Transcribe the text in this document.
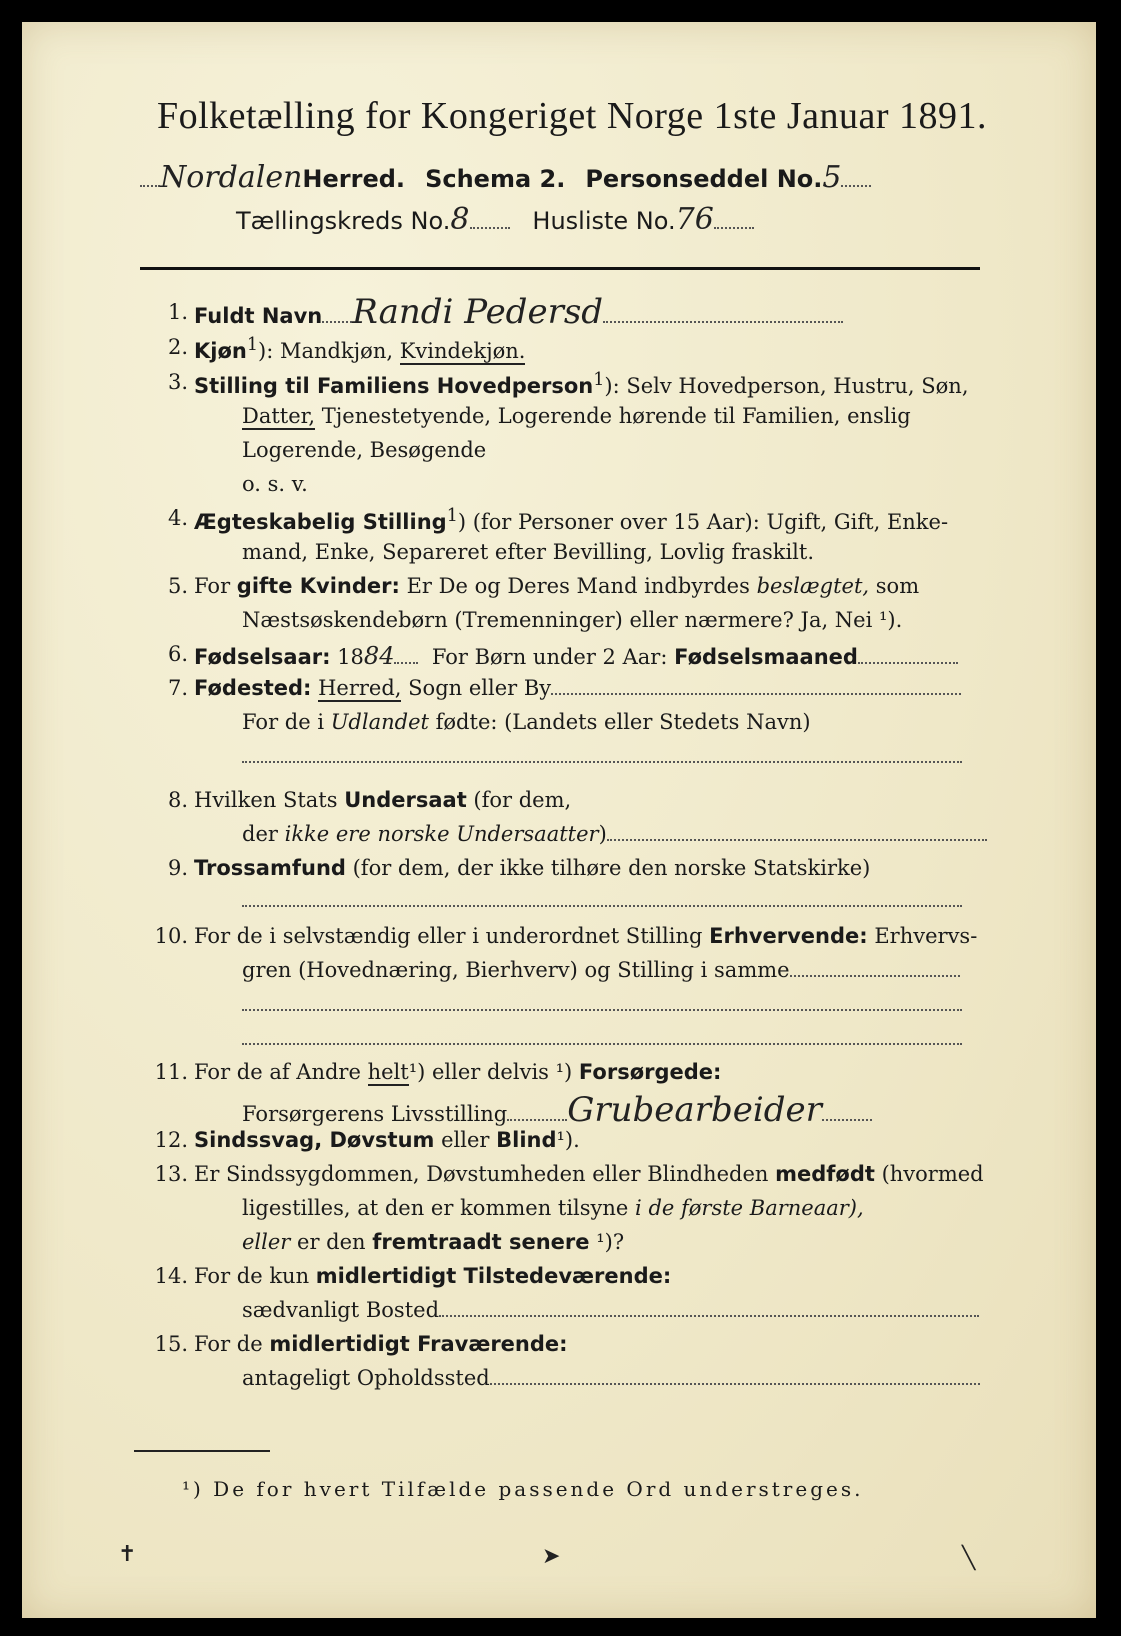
Folketælling for Kongeriget Norge 1ste Januar 1891.
NordalenHerred. Schema 2. Personseddel No.5
Tællingskreds No.8	Husliste No.76
1. Fuldt Navn Randi Pedersd
2. Kjøn$^1$): Mandkjøn, Kvindekjøn.
3. Stilling til Familiens Hovedperson$^1$): Selv Hovedperson, Hustru, Søn,
Datter, Tjenestetyende, Logerende hørende til Familien, enslig
Logerende, Besøgende
o. s. v.
4. Ægteskabelig Stilling$^1$) (for Personer over 15 Aar): Ugift, Gift, Enke-
mand, Enke, Separeret efter Bevilling, Lovlig fraskilt.
5. For gifte Kvinder: Er De og Deres Mand indbyrdes beslægtet, som
Næstsøskendebørn (Tremenninger) eller nærmere? Ja, Nei ¹).
6. Fødselsaar: 1884 For Børn under 2 Aar: Fødselsmaaned
7. Fødested: Herred, Sogn eller By
For de i Udlandet fødte: (Landets eller Stedets Navn)
8. Hvilken Stats Undersaat (for dem,
der ikke ere norske Undersaatter)
9. Trossamfund (for dem, der ikke tilhøre den norske Statskirke)
10. For de i selvstændig eller i underordnet Stilling Erhvervende: Erhvervs-
gren (Hovednæring, Bierhverv) og Stilling i samme
11. For de af Andre helt¹) eller delvis ¹) Forsørgede:
Forsørgerens Livsstilling Grubearbeider
12. Sindssvag, Døvstum eller Blind¹).
13. Er Sindssygdommen, Døvstumheden eller Blindheden medfødt (hvormed
ligestilles, at den er kommen tilsyne i de første Barneaar),
eller er den fremtraadt senere ¹)?
14. For de kun midlertidigt Tilstedeværende:
sædvanligt Bosted
15. For de midlertidigt Fraværende:
antageligt Opholdssted
¹) De for hvert Tilfælde passende Ord understreges.
✝	➤	╲
